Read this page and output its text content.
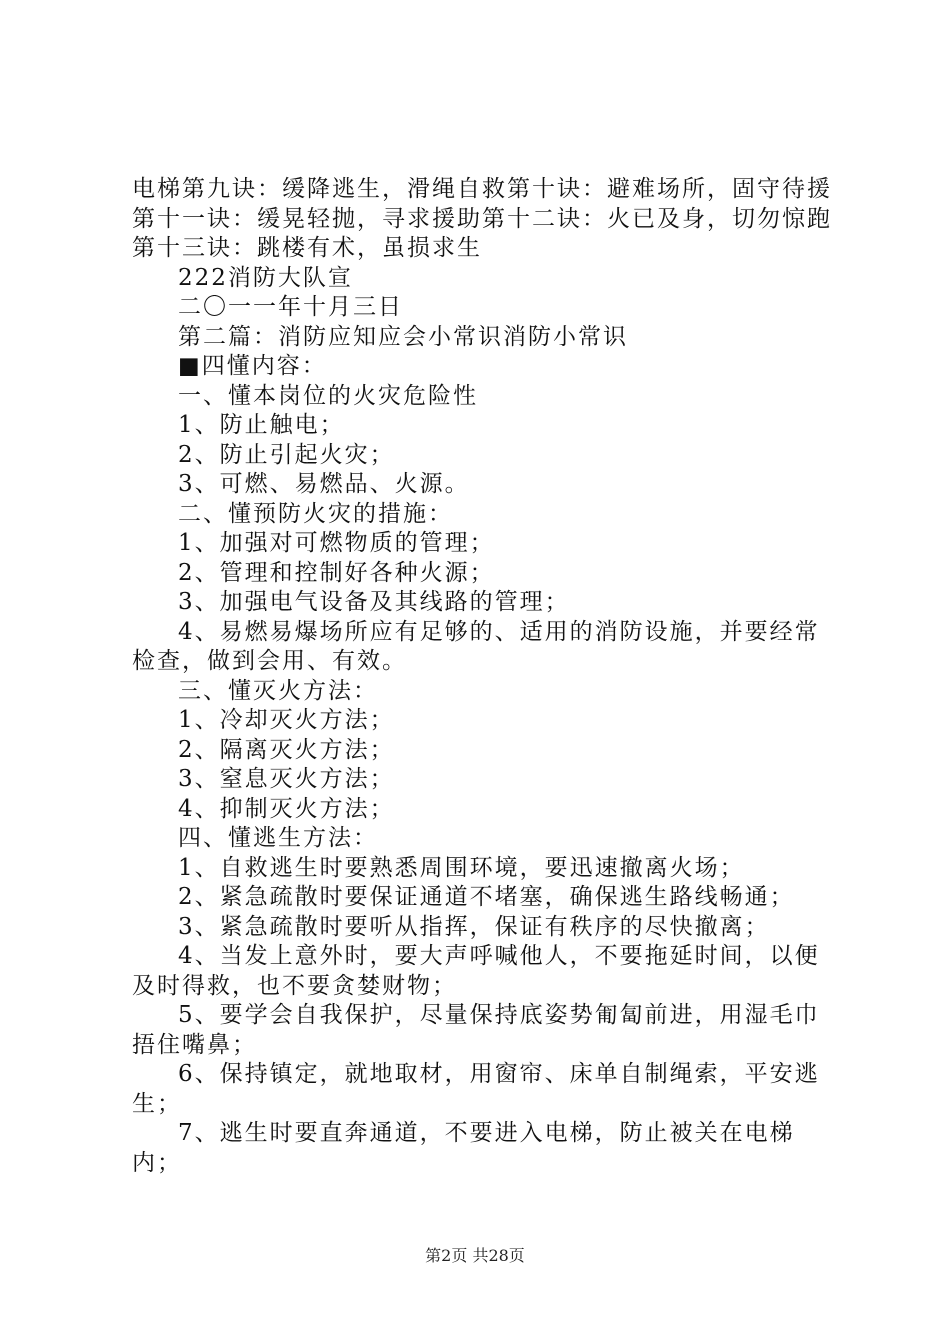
电梯第九诀：缓降逃生，滑绳自救第十诀：避难场所，固守待援第十一诀：缓晃轻抛，寻求援助第十二诀：火已及身，切勿惊跑第十三诀：跳楼有术，虽损求生

222消防大队宣

二〇一一年十月三日

第二篇：消防应知应会小常识消防小常识

■四懂内容：

一、懂本岗位的火灾危险性

1、防止触电；

2、防止引起火灾；

3、可燃、易燃品、火源。

二、懂预防火灾的措施：

1、加强对可燃物质的管理；

2、管理和控制好各种火源；

3、加强电气设备及其线路的管理；

4、易燃易爆场所应有足够的、适用的消防设施，并要经常检查，做到会用、有效。

三、懂灭火方法：

1、冷却灭火方法；

2、隔离灭火方法；

3、窒息灭火方法；

4、抑制灭火方法；

四、懂逃生方法：

1、自救逃生时要熟悉周围环境，要迅速撤离火场；

2、紧急疏散时要保证通道不堵塞，确保逃生路线畅通；

3、紧急疏散时要听从指挥，保证有秩序的尽快撤离；

4、当发上意外时，要大声呼喊他人，不要拖延时间，以便及时得救，也不要贪婪财物；

5、要学会自我保护，尽量保持底姿势匍匐前进，用湿毛巾捂住嘴鼻；

6、保持镇定，就地取材，用窗帘、床单自制绳索，平安逃生；

7、逃生时要直奔通道，不要进入电梯，防止被关在电梯内；

第2页 共28页
